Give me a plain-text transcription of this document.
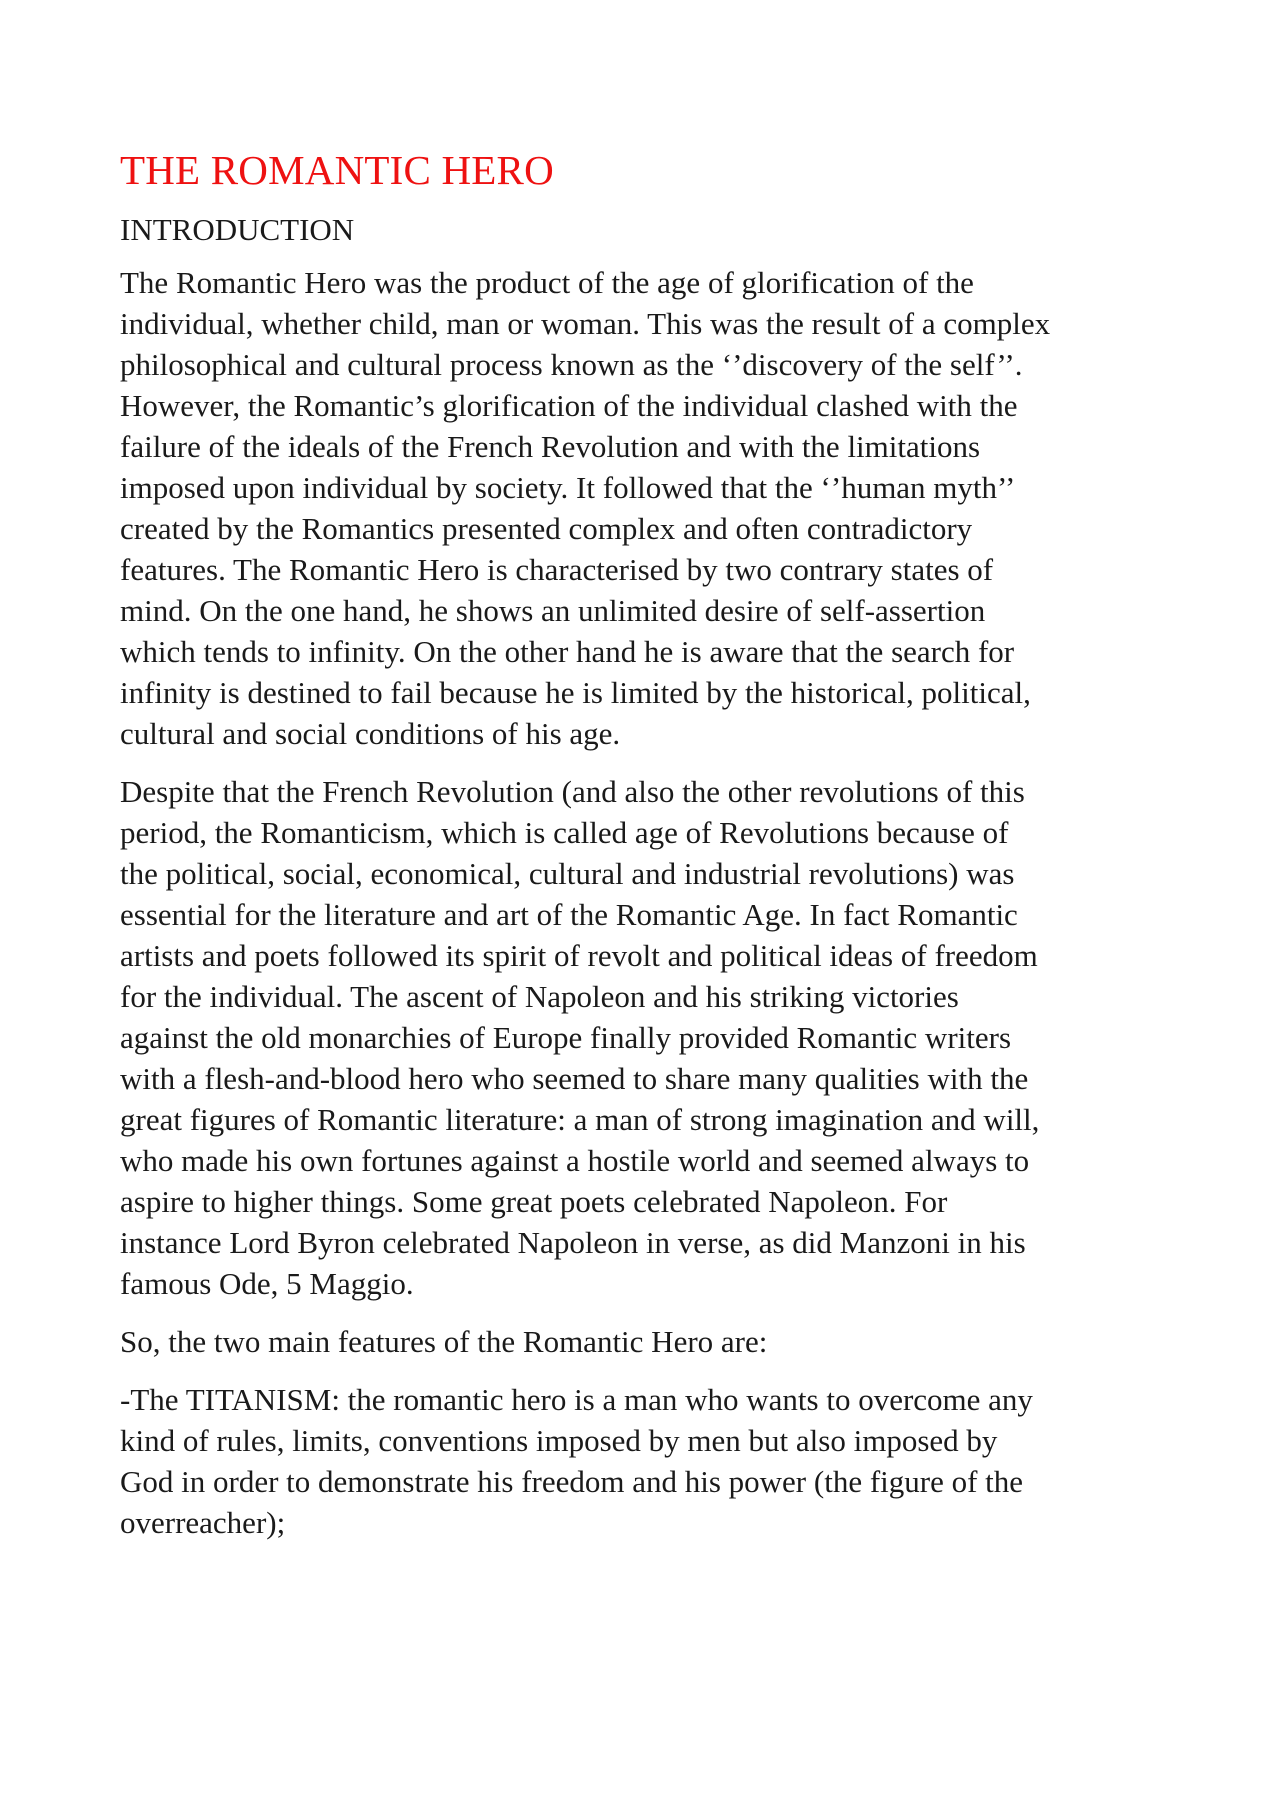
THE ROMANTIC HERO
INTRODUCTION
The Romantic Hero was the product of the age of glorification of the
individual, whether child, man or woman. This was the result of a complex
philosophical and cultural process known as the ‘’discovery of the self’’.
However, the Romantic’s glorification of the individual clashed with the
failure of the ideals of the French Revolution and with the limitations
imposed upon individual by society. It followed that the ‘’human myth’’
created by the Romantics presented complex and often contradictory
features. The Romantic Hero is characterised by two contrary states of
mind. On the one hand, he shows an unlimited desire of self-assertion
which tends to infinity. On the other hand he is aware that the search for
infinity is destined to fail because he is limited by the historical, political,
cultural and social conditions of his age.
Despite that the French Revolution (and also the other revolutions of this
period, the Romanticism, which is called age of Revolutions because of
the political, social, economical, cultural and industrial revolutions) was
essential for the literature and art of the Romantic Age. In fact Romantic
artists and poets followed its spirit of revolt and political ideas of freedom
for the individual. The ascent of Napoleon and his striking victories
against the old monarchies of Europe finally provided Romantic writers
with a flesh-and-blood hero who seemed to share many qualities with the
great figures of Romantic literature: a man of strong imagination and will,
who made his own fortunes against a hostile world and seemed always to
aspire to higher things. Some great poets celebrated Napoleon. For
instance Lord Byron celebrated Napoleon in verse, as did Manzoni in his
famous Ode, 5 Maggio.
So, the two main features of the Romantic Hero are:
-The TITANISM: the romantic hero is a man who wants to overcome any
kind of rules, limits, conventions imposed by men but also imposed by
God in order to demonstrate his freedom and his power (the figure of the
overreacher);
